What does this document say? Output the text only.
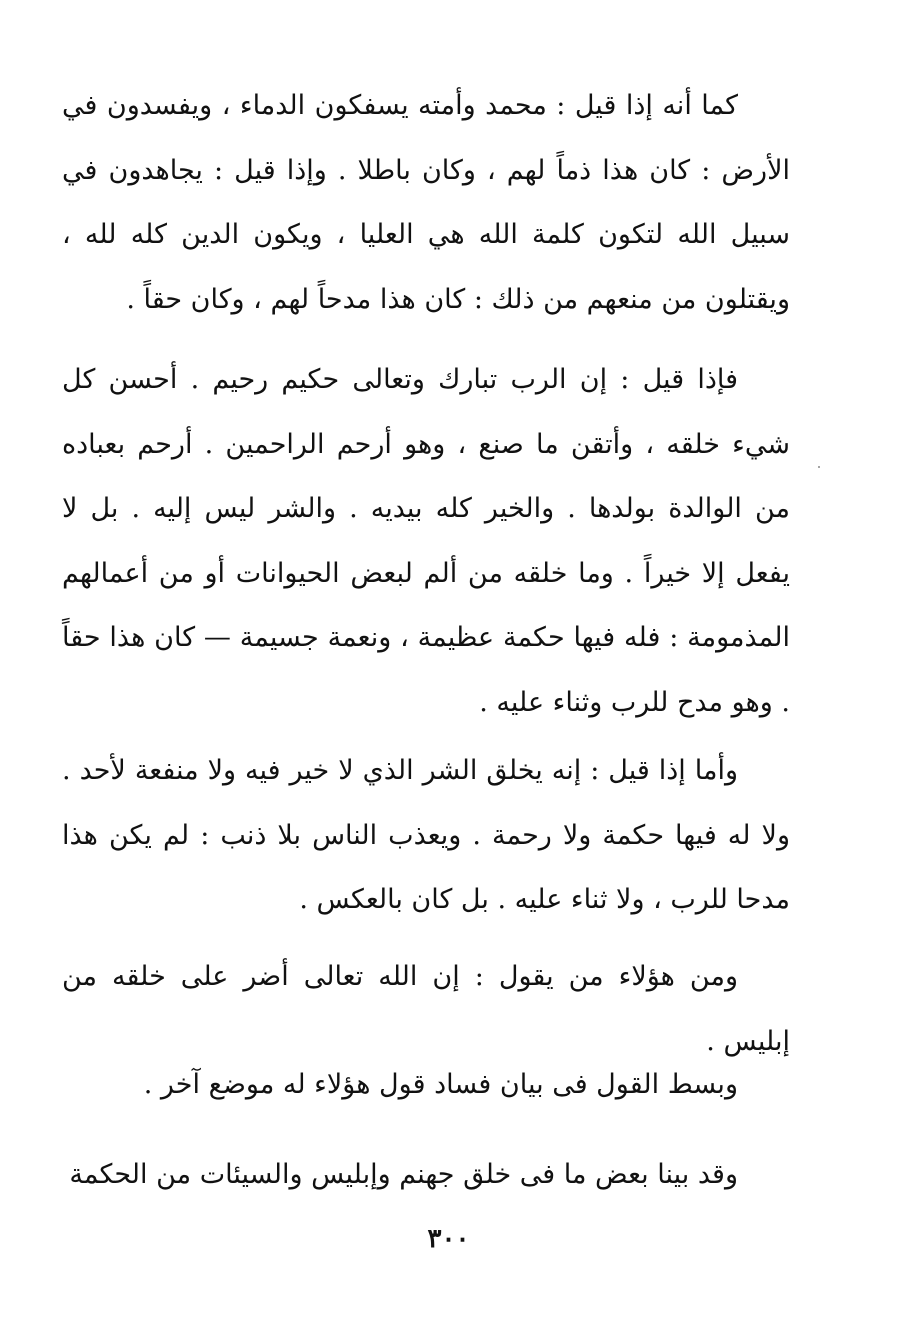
كما أنه إذا قيل : محمد وأمته يسفكون الدماء ، ويفسدون في الأرض : كان هذا ذماً لهم ، وكان باطلا . وإذا قيل : يجاهدون في سبيل الله لتكون كلمة الله هي العليا ، ويكون الدين كله لله ، ويقتلون من منعهم من ذلك : كان هذا مدحاً لهم ، وكان حقاً .

فإذا قيل : إن الرب تبارك وتعالى حكيم رحيم . أحسن كل شيء خلقه ، وأتقن ما صنع ، وهو أرحم الراحمين . أرحم بعباده من الوالدة بولدها . والخير كله بيديه . والشر ليس إليه . بل لا يفعل إلا خيراً . وما خلقه من ألم لبعض الحيوانات أو من أعمالهم المذمومة : فله فيها حكمة عظيمة ، ونعمة جسيمة — كان هذا حقاً . وهو مدح للرب وثناء عليه .

وأما إذا قيل : إنه يخلق الشر الذي لا خير فيه ولا منفعة لأحد . ولا له فيها حكمة ولا رحمة . ويعذب الناس بلا ذنب : لم يكن هذا مدحا للرب ، ولا ثناء عليه . بل كان بالعكس .

ومن هؤلاء من يقول : إن الله تعالى أضر على خلقه من إبليس .

وبسط القول فى بيان فساد قول هؤلاء له موضع آخر .

وقد بينا بعض ما فى خلق جهنم وإبليس والسيئات من الحكمة

٣٠٠
